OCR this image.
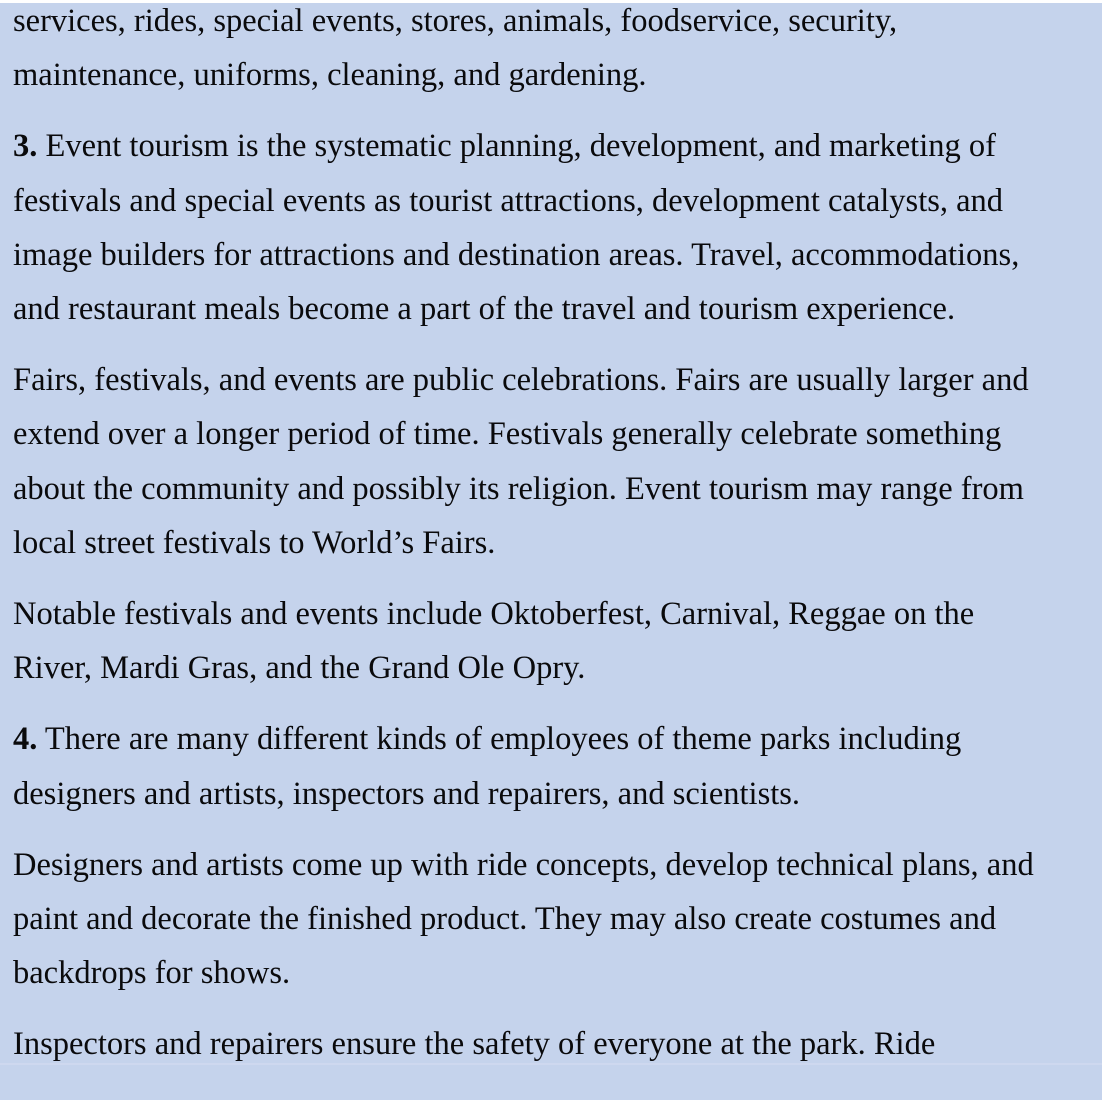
services, rides, special events, stores, animals, foodservice, security,
maintenance, uniforms, cleaning, and gardening.

3. Event tourism is the systematic planning, development, and marketing of
festivals and special events as tourist attractions, development catalysts, and
image builders for attractions and destination areas. Travel, accommodations,
and restaurant meals become a part of the travel and tourism experience.

Fairs, festivals, and events are public celebrations. Fairs are usually larger and
extend over a longer period of time. Festivals generally celebrate something
about the community and possibly its religion. Event tourism may range from
local street festivals to World’s Fairs.

Notable festivals and events include Oktoberfest, Carnival, Reggae on the
River, Mardi Gras, and the Grand Ole Opry.

4. There are many different kinds of employees of theme parks including
designers and artists, inspectors and repairers, and scientists.

Designers and artists come up with ride concepts, develop technical plans, and
paint and decorate the finished product. They may also create costumes and
backdrops for shows.

Inspectors and repairers ensure the safety of everyone at the park. Ride
